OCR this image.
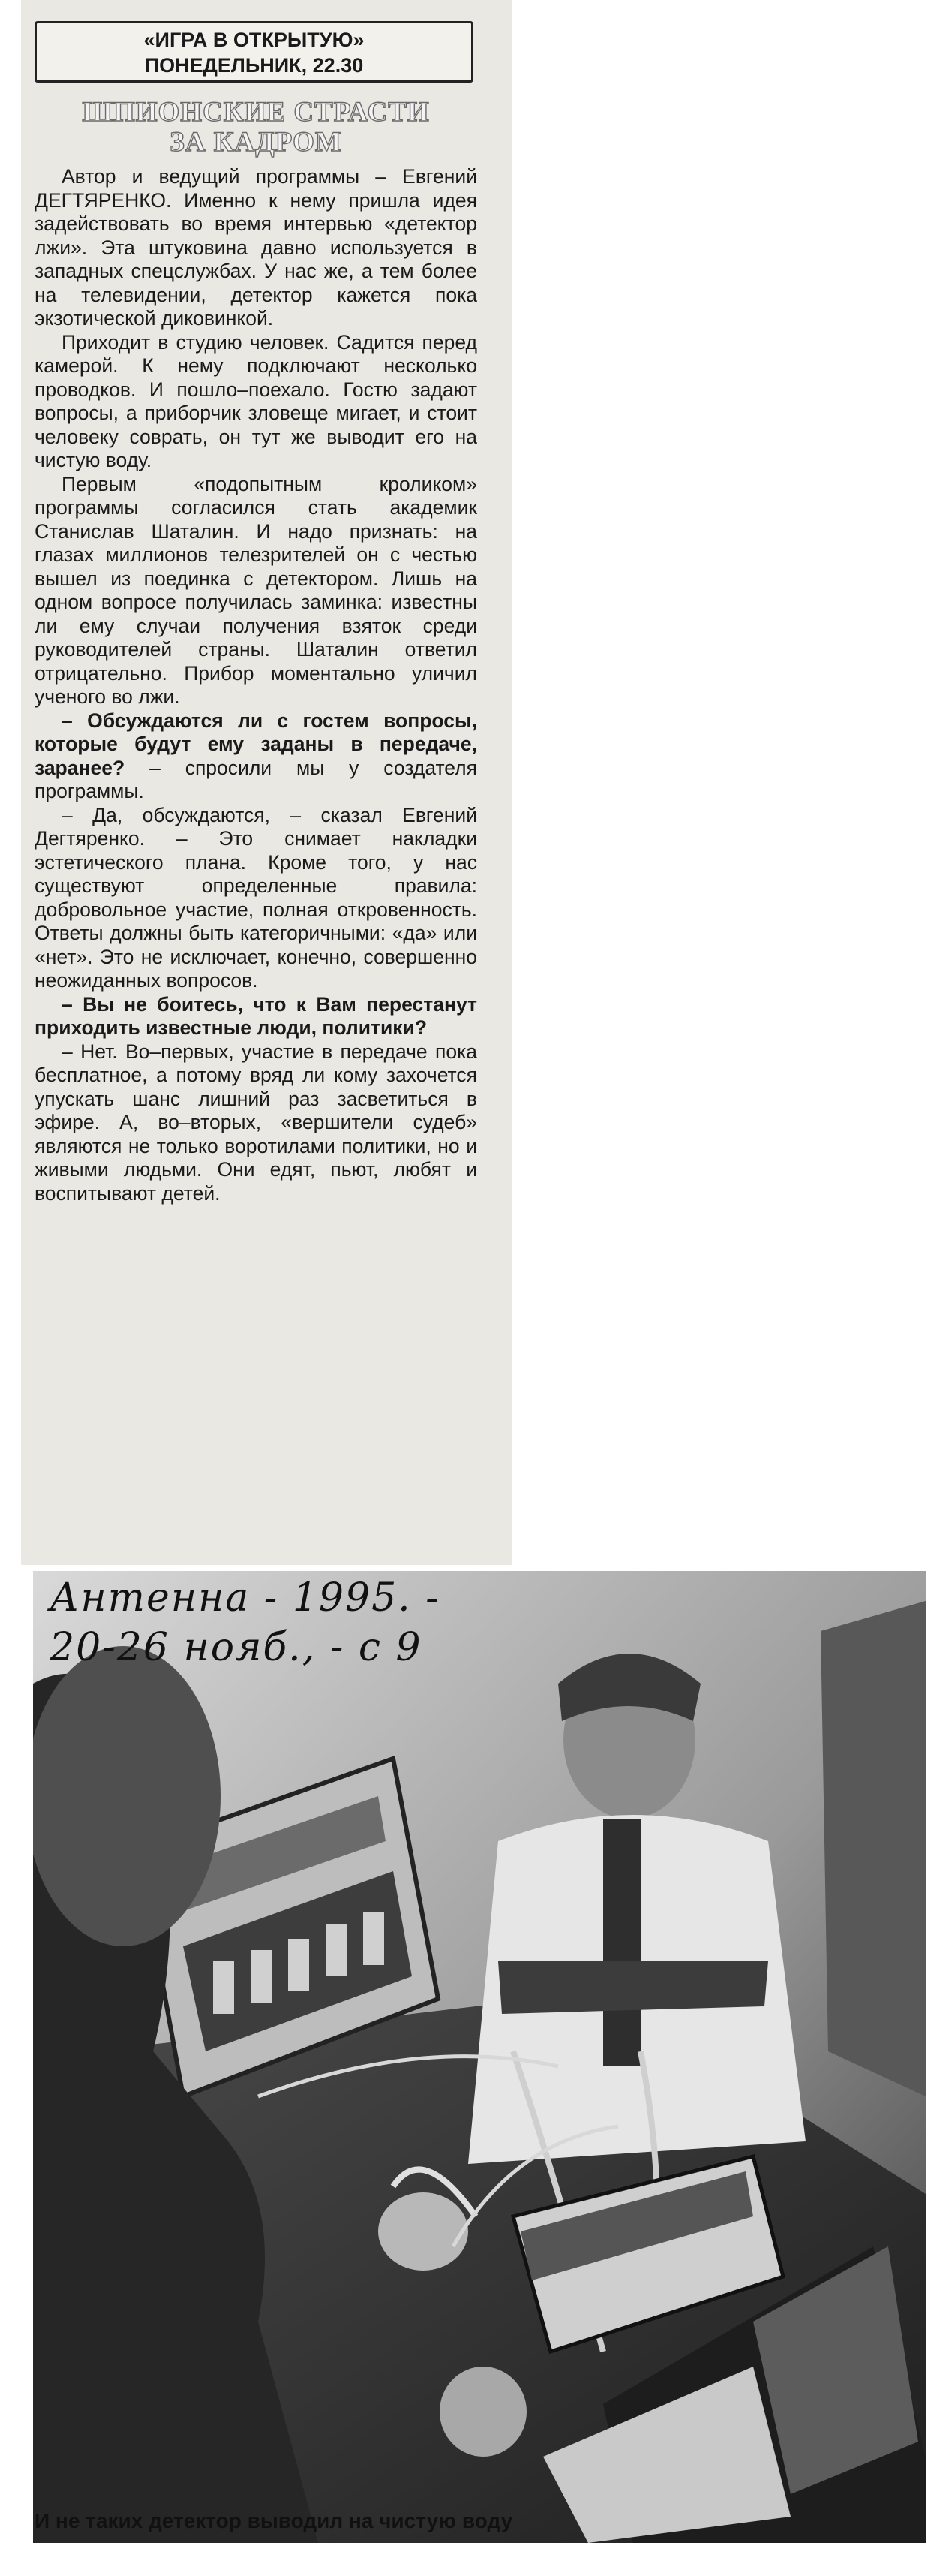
«ИГРА В ОТКРЫТУЮ»
ПОНЕДЕЛЬНИК, 22.30
ШПИОНСКИЕ СТРАСТИ
ЗА КАДРОМ

Автор и ведущий программы – Евгений ДЕГТЯРЕНКО. Именно к нему пришла идея задействовать во время интервью «детектор лжи». Эта штуковина давно используется в западных спецслужбах. У нас же, а тем более на телевидении, детектор кажется пока экзотической диковинкой.

Приходит в студию человек. Садится перед камерой. К нему подключают несколько проводков. И пошло–поехало. Гостю задают вопросы, а приборчик зловеще мигает, и стоит человеку соврать, он тут же выводит его на чистую воду.

Первым «подопытным кроликом» программы согласился стать академик Станислав Шаталин. И надо признать: на глазах миллионов телезрителей он с честью вышел из поединка с детектором. Лишь на одном вопросе получилась заминка: известны ли ему случаи получения взяток среди руководителей страны. Шаталин ответил отрицательно. Прибор моментально уличил ученого во лжи.

– Обсуждаются ли с гостем вопросы, которые будут ему заданы в передаче, заранее? – спросили мы у создателя программы.

– Да, обсуждаются, – сказал Евгений Дегтяренко. – Это снимает накладки эстетического плана. Кроме того, у нас существуют определенные правила: добровольное участие, полная откровенность. Ответы должны быть категоричными: «да» или «нет». Это не исключает, конечно, совершенно неожиданных вопросов.

– Вы не боитесь, что к Вам перестанут приходить известные люди, политики?

– Нет. Во–первых, участие в передаче пока бесплатное, а потому вряд ли кому захочется упускать шанс лишний раз засветиться в эфире. А, во–вторых, «вершители судеб» являются не только воротилами политики, но и живыми людьми. Они едят, пьют, любят и воспитывают детей.

Антенна - 1995. -
20-26 нояб., - с 9
И не таких детектор выводил на чистую воду
